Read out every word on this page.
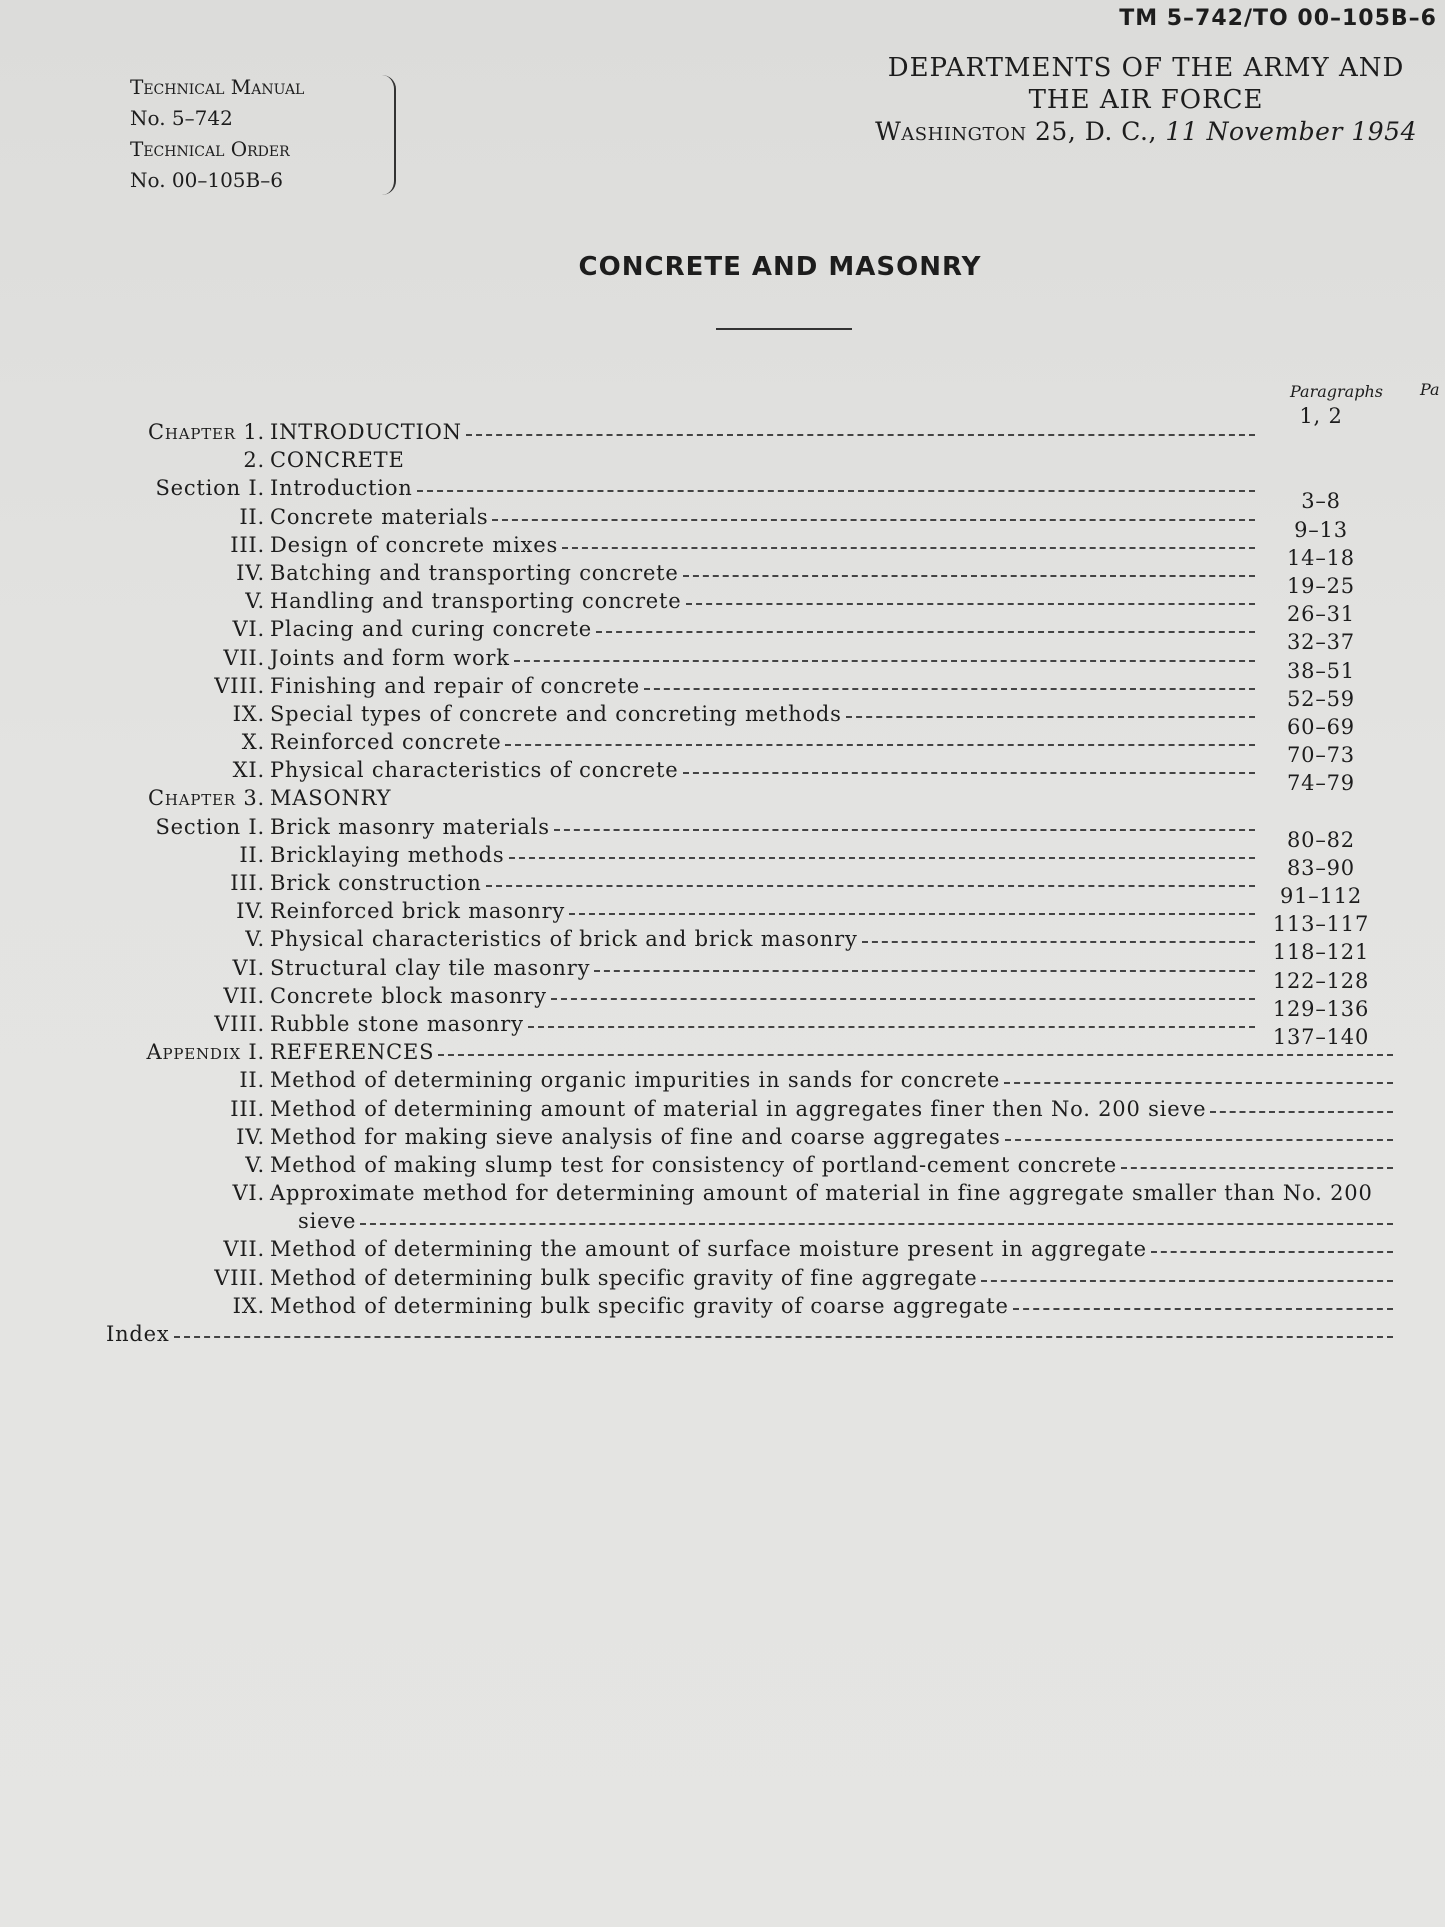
TM 5–742/TO 00–105B–6
Technical Manual
No. 5–742
Technical Order
No. 00–105B–6
DEPARTMENTS OF THE ARMY AND
THE AIR FORCE
Washington 25, D. C., 11 November 1954
CONCRETE AND MASONRY
Paragraphs Pa
Chapter 1. INTRODUCTION
1, 2
2. CONCRETE
Section I. Introduction
3–8
II. Concrete materials
9–13
III. Design of concrete mixes
14–18
IV. Batching and transporting concrete
19–25
V. Handling and transporting concrete
26–31
VI. Placing and curing concrete
32–37
VII. Joints and form work
38–51
VIII. Finishing and repair of concrete
52–59
IX. Special types of concrete and concreting methods
60–69
X. Reinforced concrete
70–73
XI. Physical characteristics of concrete
74–79
Chapter 3. MASONRY
Section I. Brick masonry materials
80–82
II. Bricklaying methods
83–90
III. Brick construction
91–112
IV. Reinforced brick masonry
113–117
V. Physical characteristics of brick and brick masonry
118–121
VI. Structural clay tile masonry
122–128
VII. Concrete block masonry
129–136
VIII. Rubble stone masonry
137–140
Appendix I. REFERENCES
II. Method of determining organic impurities in sands for concrete
III. Method of determining amount of material in aggregates finer then No. 200 sieve
IV. Method for making sieve analysis of fine and coarse aggregates
V. Method of making slump test for consistency of portland-cement concrete
VI. Approximate method for determining amount of material in fine aggregate smaller than No. 200
sieve
VII. Method of determining the amount of surface moisture present in aggregate
VIII. Method of determining bulk specific gravity of fine aggregate
IX. Method of determining bulk specific gravity of coarse aggregate
Index
